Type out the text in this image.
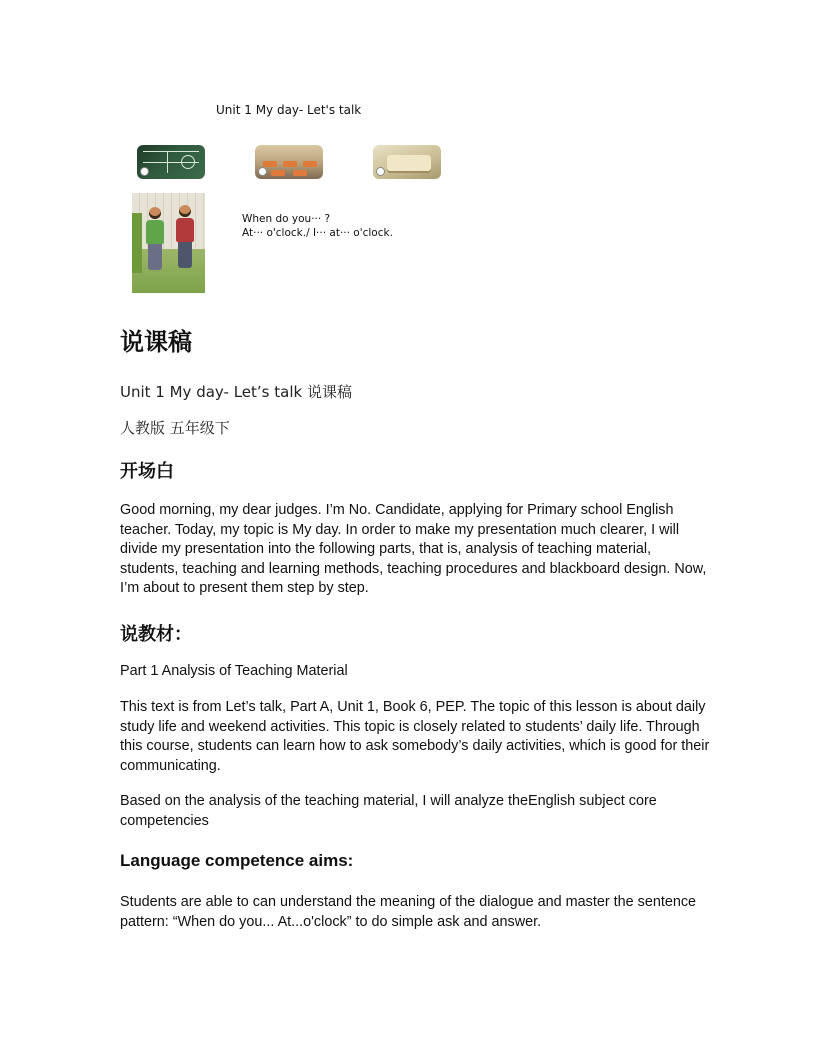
Unit 1 My day- Let's talk
When do you··· ?
At··· o'clock./ I··· at··· o'clock.
说课稿
Unit 1 My day- Let’s talk 说课稿
人教版 五年级下
开场白
Good morning, my dear judges. I’m No. Candidate, applying for Primary school English teacher. Today, my topic is My day. In order to make my presentation much clearer, I will divide my presentation into the following parts, that is, analysis of teaching material, students, teaching and learning methods, teaching procedures and blackboard design. Now, I’m about to present them step by step.
说教材：
Part 1 Analysis of Teaching Material
This text is from Let’s talk, Part A, Unit 1, Book 6, PEP. The topic of this lesson is about daily study life and weekend activities. This topic is closely related to students’ daily life. Through this course, students can learn how to ask somebody’s daily activities, which is good for their communicating.
Based on the analysis of the teaching material, I will analyze theEnglish subject core competencies
Language competence aims:
Students are able to can understand the meaning of the dialogue and master the sentence pattern: “When do you... At...o'clock” to do simple ask and answer.
